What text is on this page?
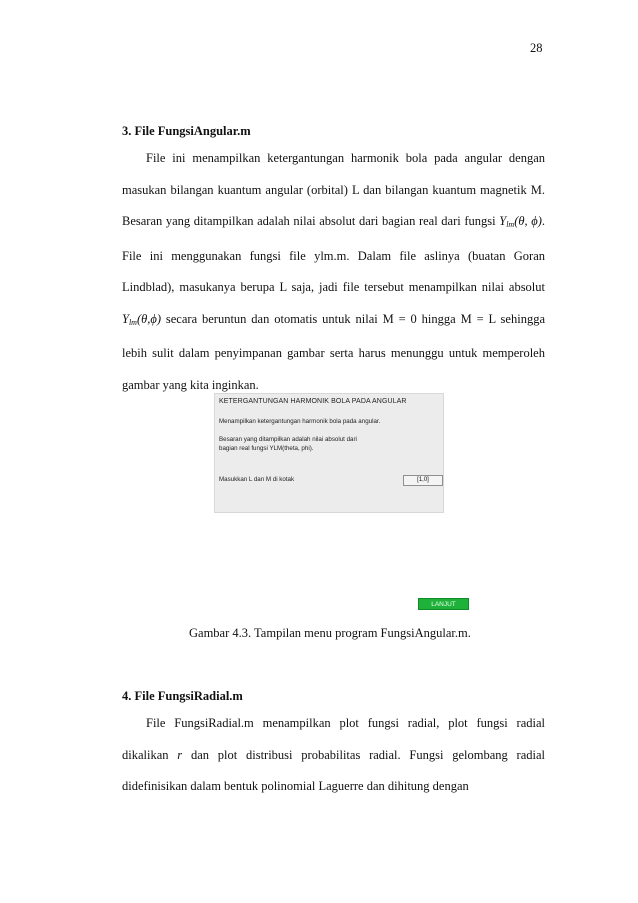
28
3. File FungsiAngular.m

File ini menampilkan ketergantungan harmonik bola pada angular dengan masukan bilangan kuantum angular (orbital) L dan bilangan kuantum magnetik M. Besaran yang ditampilkan adalah nilai absolut dari bagian real dari fungsi $Y_{lm}(\theta$, ϕ). File ini menggunakan fungsi file ylm.m. Dalam file aslinya (buatan Goran Lindblad), masukanya berupa L saja, jadi file tersebut menampilkan nilai absolut $Y_{lm}(\theta,\phi)$ secara beruntun dan otomatis untuk nilai M = 0 hingga M = L sehingga lebih sulit dalam penyimpanan gambar serta harus menunggu untuk memperoleh gambar yang kita inginkan.

KETERGANTUNGAN HARMONIK BOLA PADA ANGULAR
Menampilkan ketergantungan harmonik bola pada angular.
Besaran yang ditampilkan adalah nilai absolut dari
bagian real fungsi YLM(theta, phi).
Masukkan L dan M di kotak	[1,0]
LANJUT
Gambar 4.3. Tampilan menu program FungsiAngular.m.
4. File FungsiRadial.m

File FungsiRadial.m menampilkan plot fungsi radial, plot fungsi radial dikalikan r dan plot distribusi probabilitas radial. Fungsi gelombang radial didefinisikan dalam bentuk polinomial Laguerre dan dihitung dengan
